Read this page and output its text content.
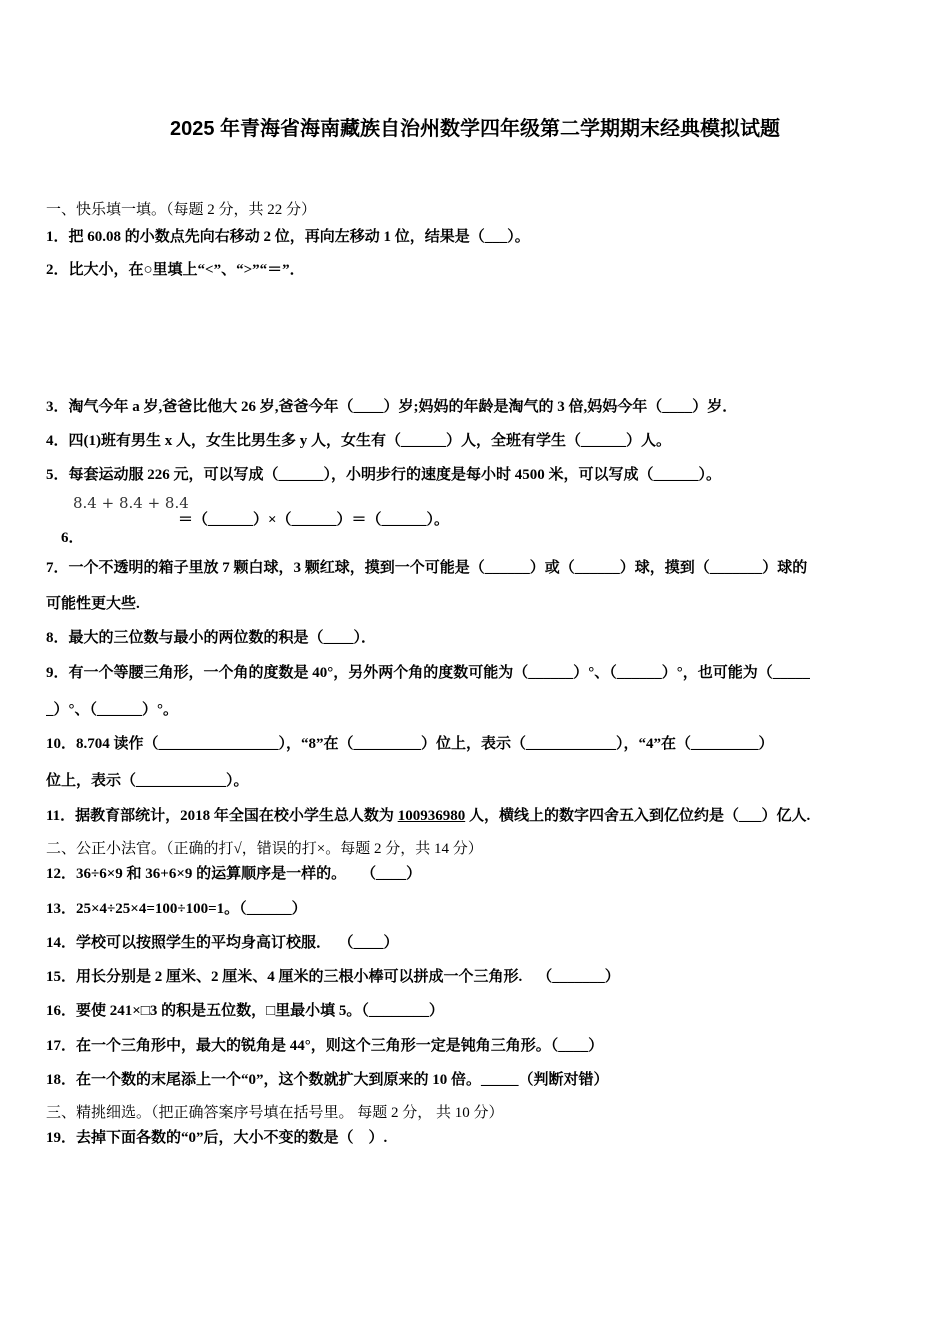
2025 年青海省海南藏族自治州数学四年级第二学期期末经典模拟试题
一、快乐填一填。（每题 2 分，共 22 分）
1．把 60.08 的小数点先向右移动 2 位，再向左移动 1 位，结果是（___）。
2．比大小，在○里填上“<”、“>”“＝”．

3．淘气今年 a 岁,爸爸比他大 26 岁,爸爸今年（____）岁;妈妈的年龄是淘气的 3 倍,妈妈今年（____）岁．
4．四(1)班有男生 x 人，女生比男生多 y 人，女生有（______）人，全班有学生（______）人。
5．每套运动服 226 元，可以写成（______），小明步行的速度是每小时 4500 米，可以写成（______）。

6．

8.4 + 8.4 + 8.4

＝（______）×（______）＝（______）。

7．一个不透明的箱子里放 7 颗白球，3 颗红球，摸到一个可能是（______）或（______）球，摸到（_______）球的
可能性更大些.
8．最大的三位数与最小的两位数的积是（____）．
9．有一个等腰三角形，一个角的度数是 40°，另外两个角的度数可能为（______）°、（______）°，也可能为（_____
_）°、（______）°。
10．8.704 读作（________________），“8”在（_________）位上，表示（____________），“4”在（_________）
位上，表示（____________）。
11．据教育部统计，2018 年全国在校小学生总人数为 100936980 人，横线上的数字四舍五入到亿位约是（___）亿人.
二、公正小法官。（正确的打√，错误的打×。每题 2 分，共 14 分）
12．36÷6×9 和 36+6×9 的运算顺序是一样的。    （____）
13．25×4÷25×4=100÷100=1。（______）
14．学校可以按照学生的平均身高订校服．  （____）
15．用长分别是 2 厘米、2 厘米、4 厘米的三根小棒可以拼成一个三角形.    （_______）
16．要使 241×□3 的积是五位数，□里最小填 5。（________）
17．在一个三角形中，最大的锐角是 44°，则这个三角形一定是钝角三角形。（____）
18．在一个数的末尾添上一个“0”，这个数就扩大到原来的 10 倍。_____（判断对错）
三、精挑细选。（把正确答案序号填在括号里。 每题 2 分， 共 10 分）
19．去掉下面各数的“0”后，大小不变的数是（    ）.
